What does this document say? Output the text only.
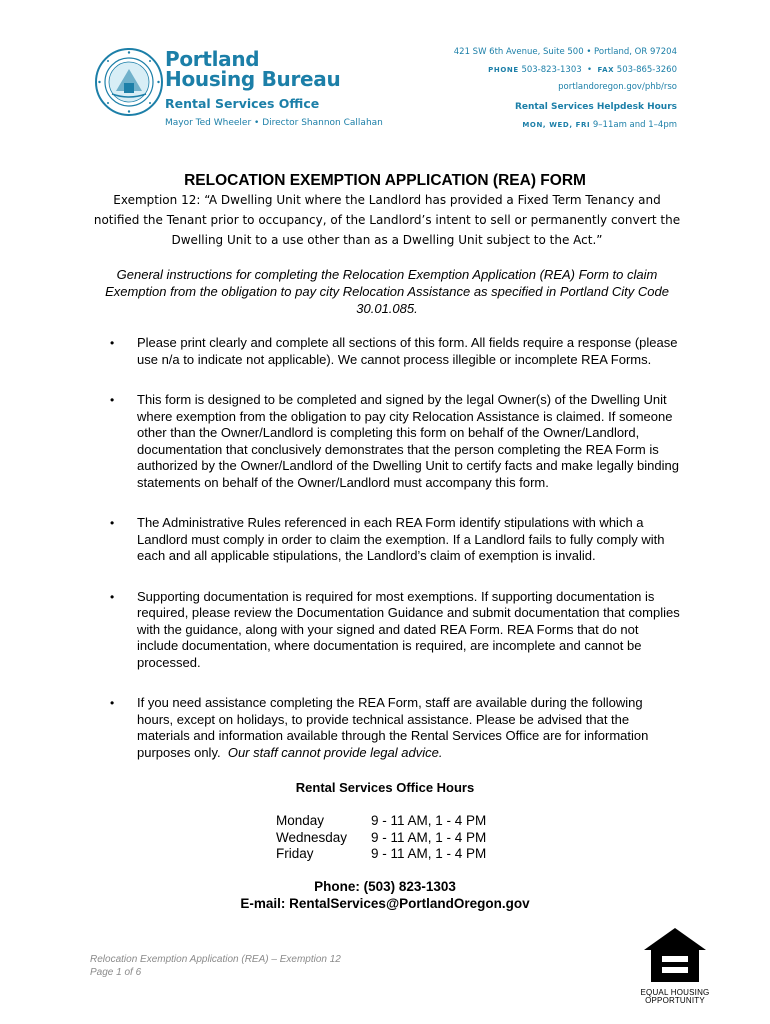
Portland
Housing Bureau
Rental Services Office
Mayor Ted Wheeler • Director Shannon Callahan
421 SW 6th Avenue, Suite 500 • Portland, OR 97204
PHONE 503-823-1303  •  FAX 503-865-3260
portlandoregon.gov/phb/rso
Rental Services Helpdesk Hours
MON, WED, FRI 9–11am and 1–4pm
RELOCATION EXEMPTION APPLICATION (REA) FORM
Exemption 12: “A Dwelling Unit where the Landlord has provided a Fixed Term Tenancy and notified the Tenant prior to occupancy, of the Landlord’s intent to sell or permanently convert the Dwelling Unit to a use other than as a Dwelling Unit subject to the Act.”
General instructions for completing the Relocation Exemption Application (REA) Form to claim Exemption from the obligation to pay city Relocation Assistance as specified in Portland City Code 30.01.085.
• Please print clearly and complete all sections of this form. All fields require a response (please use n/a to indicate not applicable). We cannot process illegible or incomplete REA Forms.
• This form is designed to be completed and signed by the legal Owner(s) of the Dwelling Unit where exemption from the obligation to pay city Relocation Assistance is claimed. If someone other than the Owner/Landlord is completing this form on behalf of the Owner/Landlord, documentation that conclusively demonstrates that the person completing the REA Form is authorized by the Owner/Landlord of the Dwelling Unit to certify facts and make legally binding statements on behalf of the Owner/Landlord must accompany this form.
• The Administrative Rules referenced in each REA Form identify stipulations with which a Landlord must comply in order to claim the exemption. If a Landlord fails to fully comply with each and all applicable stipulations, the Landlord’s claim of exemption is invalid.
• Supporting documentation is required for most exemptions. If supporting documentation is required, please review the Documentation Guidance and submit documentation that complies with the guidance, along with your signed and dated REA Form. REA Forms that do not include documentation, where documentation is required, are incomplete and cannot be processed.
• If you need assistance completing the REA Form, staff are available during the following hours, except on holidays, to provide technical assistance. Please be advised that the materials and information available through the Rental Services Office are for information purposes only. Our staff cannot provide legal advice.
Rental Services Office Hours
Monday	9 - 11 AM, 1 - 4 PM
Wednesday	9 - 11 AM, 1 - 4 PM
Friday	9 - 11 AM, 1 - 4 PM
Phone: (503) 823-1303
E-mail: RentalServices@PortlandOregon.gov
Relocation Exemption Application (REA) – Exemption 12
Page 1 of 6
EQUAL HOUSING OPPORTUNITY
